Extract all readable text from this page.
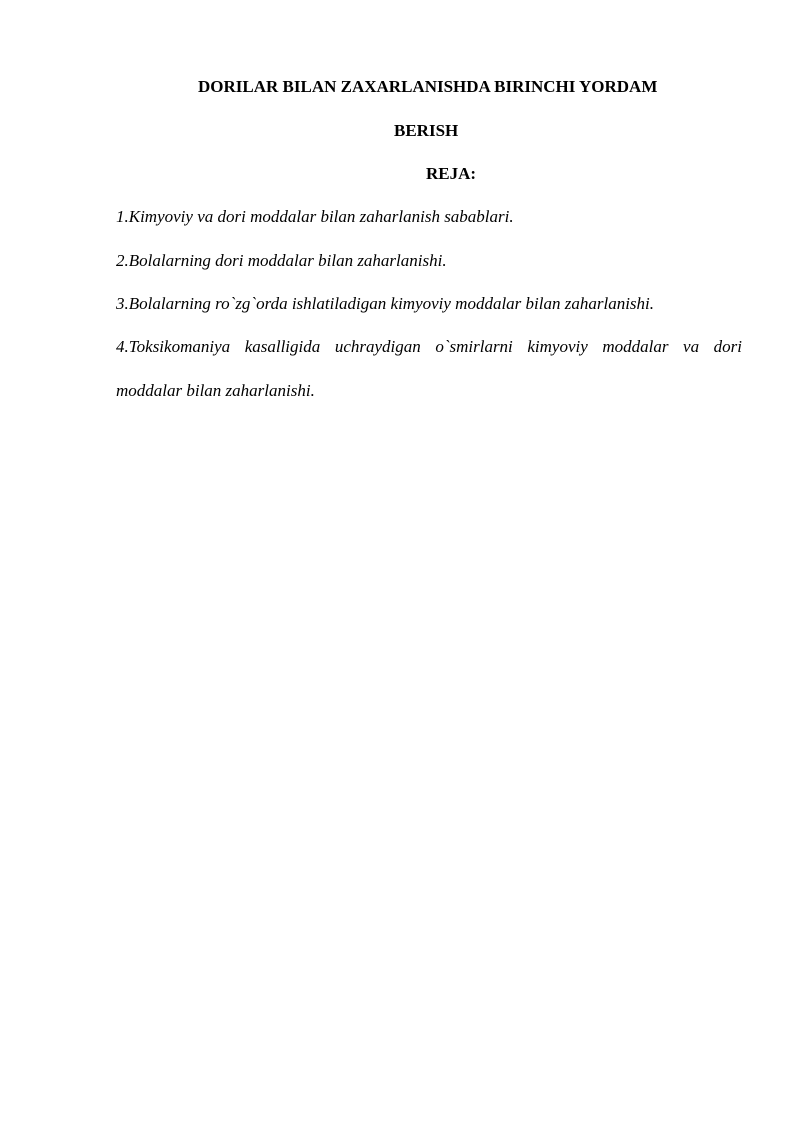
DORILAR BILAN ZAXARLANISHDA BIRINCHI YORDAM
BERISH
REJA:
1.Kimyoviy va dori moddalar bilan zaharlanish sabablari.
2.Bolalarning dori moddalar bilan zaharlanishi.
3.Bolalarning ro`zg`orda ishlatiladigan kimyoviy moddalar bilan zaharlanishi.
4.Toksikomaniya kasalligida uchraydigan o`smirlarni kimyoviy moddalar va dori
moddalar bilan zaharlanishi.
